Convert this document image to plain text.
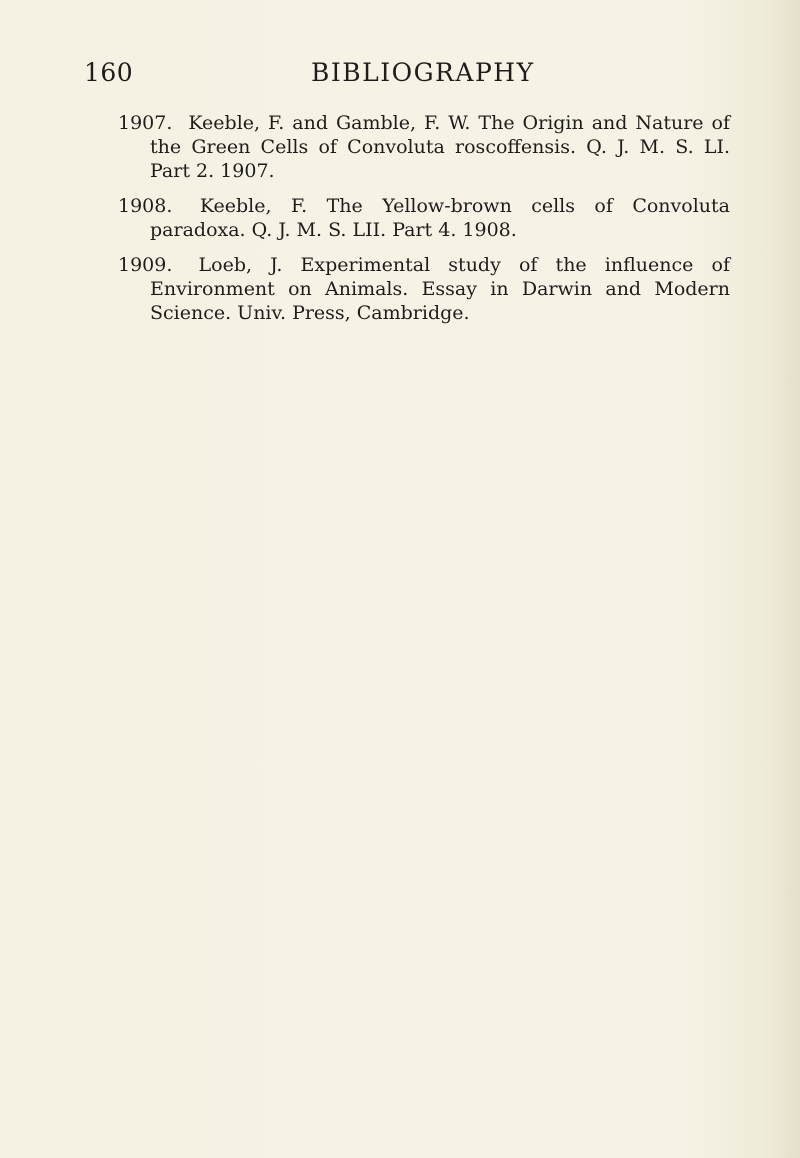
160	BIBLIOGRAPHY

1907. Keeble, F. and Gamble, F. W. The Origin and Nature of the Green Cells of Convoluta roscoffensis. Q. J. M. S. LI. Part 2. 1907.

1908. Keeble, F. The Yellow-brown cells of Convoluta paradoxa. Q. J. M. S. LII. Part 4. 1908.

1909. Loeb, J. Experimental study of the influence of Environment on Animals. Essay in Darwin and Modern Science. Univ. Press, Cambridge.
